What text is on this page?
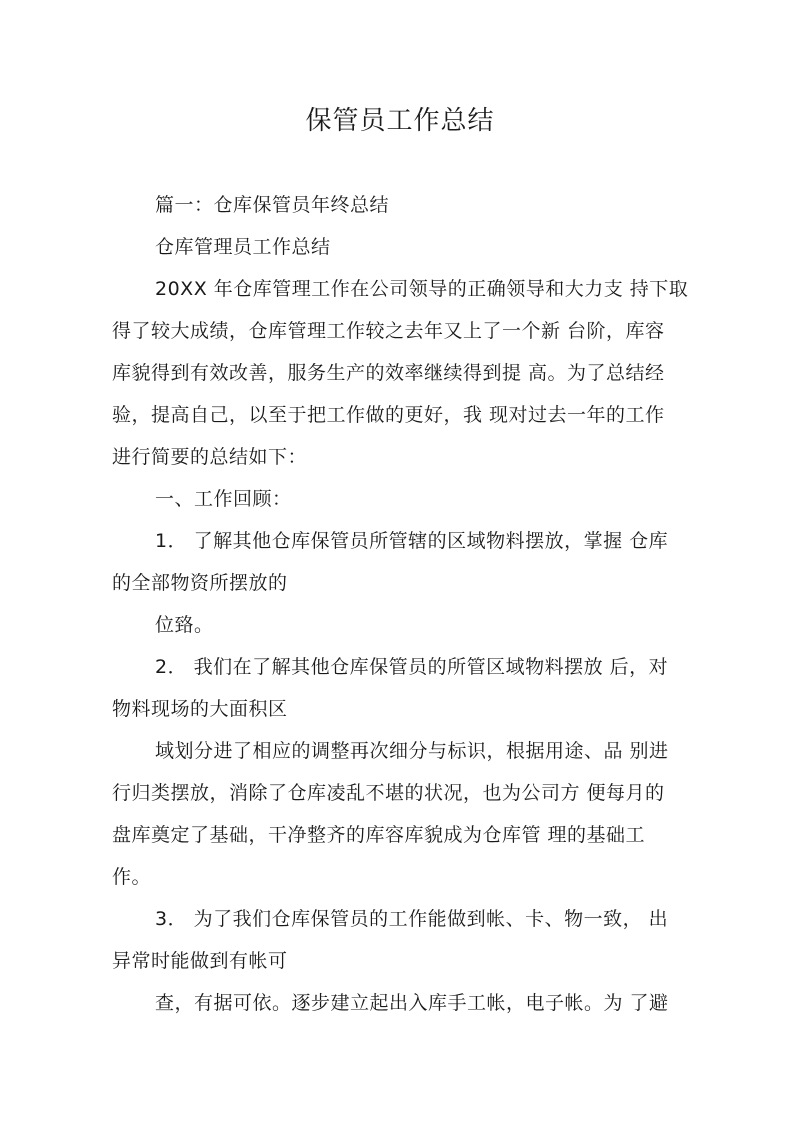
保管员工作总结
篇一：仓库保管员年终总结
仓库管理员工作总结
20XX 年仓库管理工作在公司领导的正确领导和大力支 持下取
得了较大成绩，仓库管理工作较之去年又上了一个新 台阶，库容
库貌得到有效改善，服务生产的效率继续得到提 高。为了总结经
验，提高自己，以至于把工作做的更好，我 现对过去一年的工作
进行简要的总结如下：
一、工作回顾：
1． 了解其他仓库保管员所管辖的区域物料摆放，掌握 仓库
的全部物资所摆放的
位臵。
2． 我们在了解其他仓库保管员的所管区域物料摆放 后，对
物料现场的大面积区
域划分进了相应的调整再次细分与标识，根据用途、品 别进
行归类摆放，消除了仓库凌乱不堪的状况，也为公司方 便每月的
盘库奠定了基础，干净整齐的库容库貌成为仓库管 理的基础工
作。
3． 为了我们仓库保管员的工作能做到帐、卡、物一致， 出
异常时能做到有帐可
查，有据可依。逐步建立起出入库手工帐，电子帐。为 了避
